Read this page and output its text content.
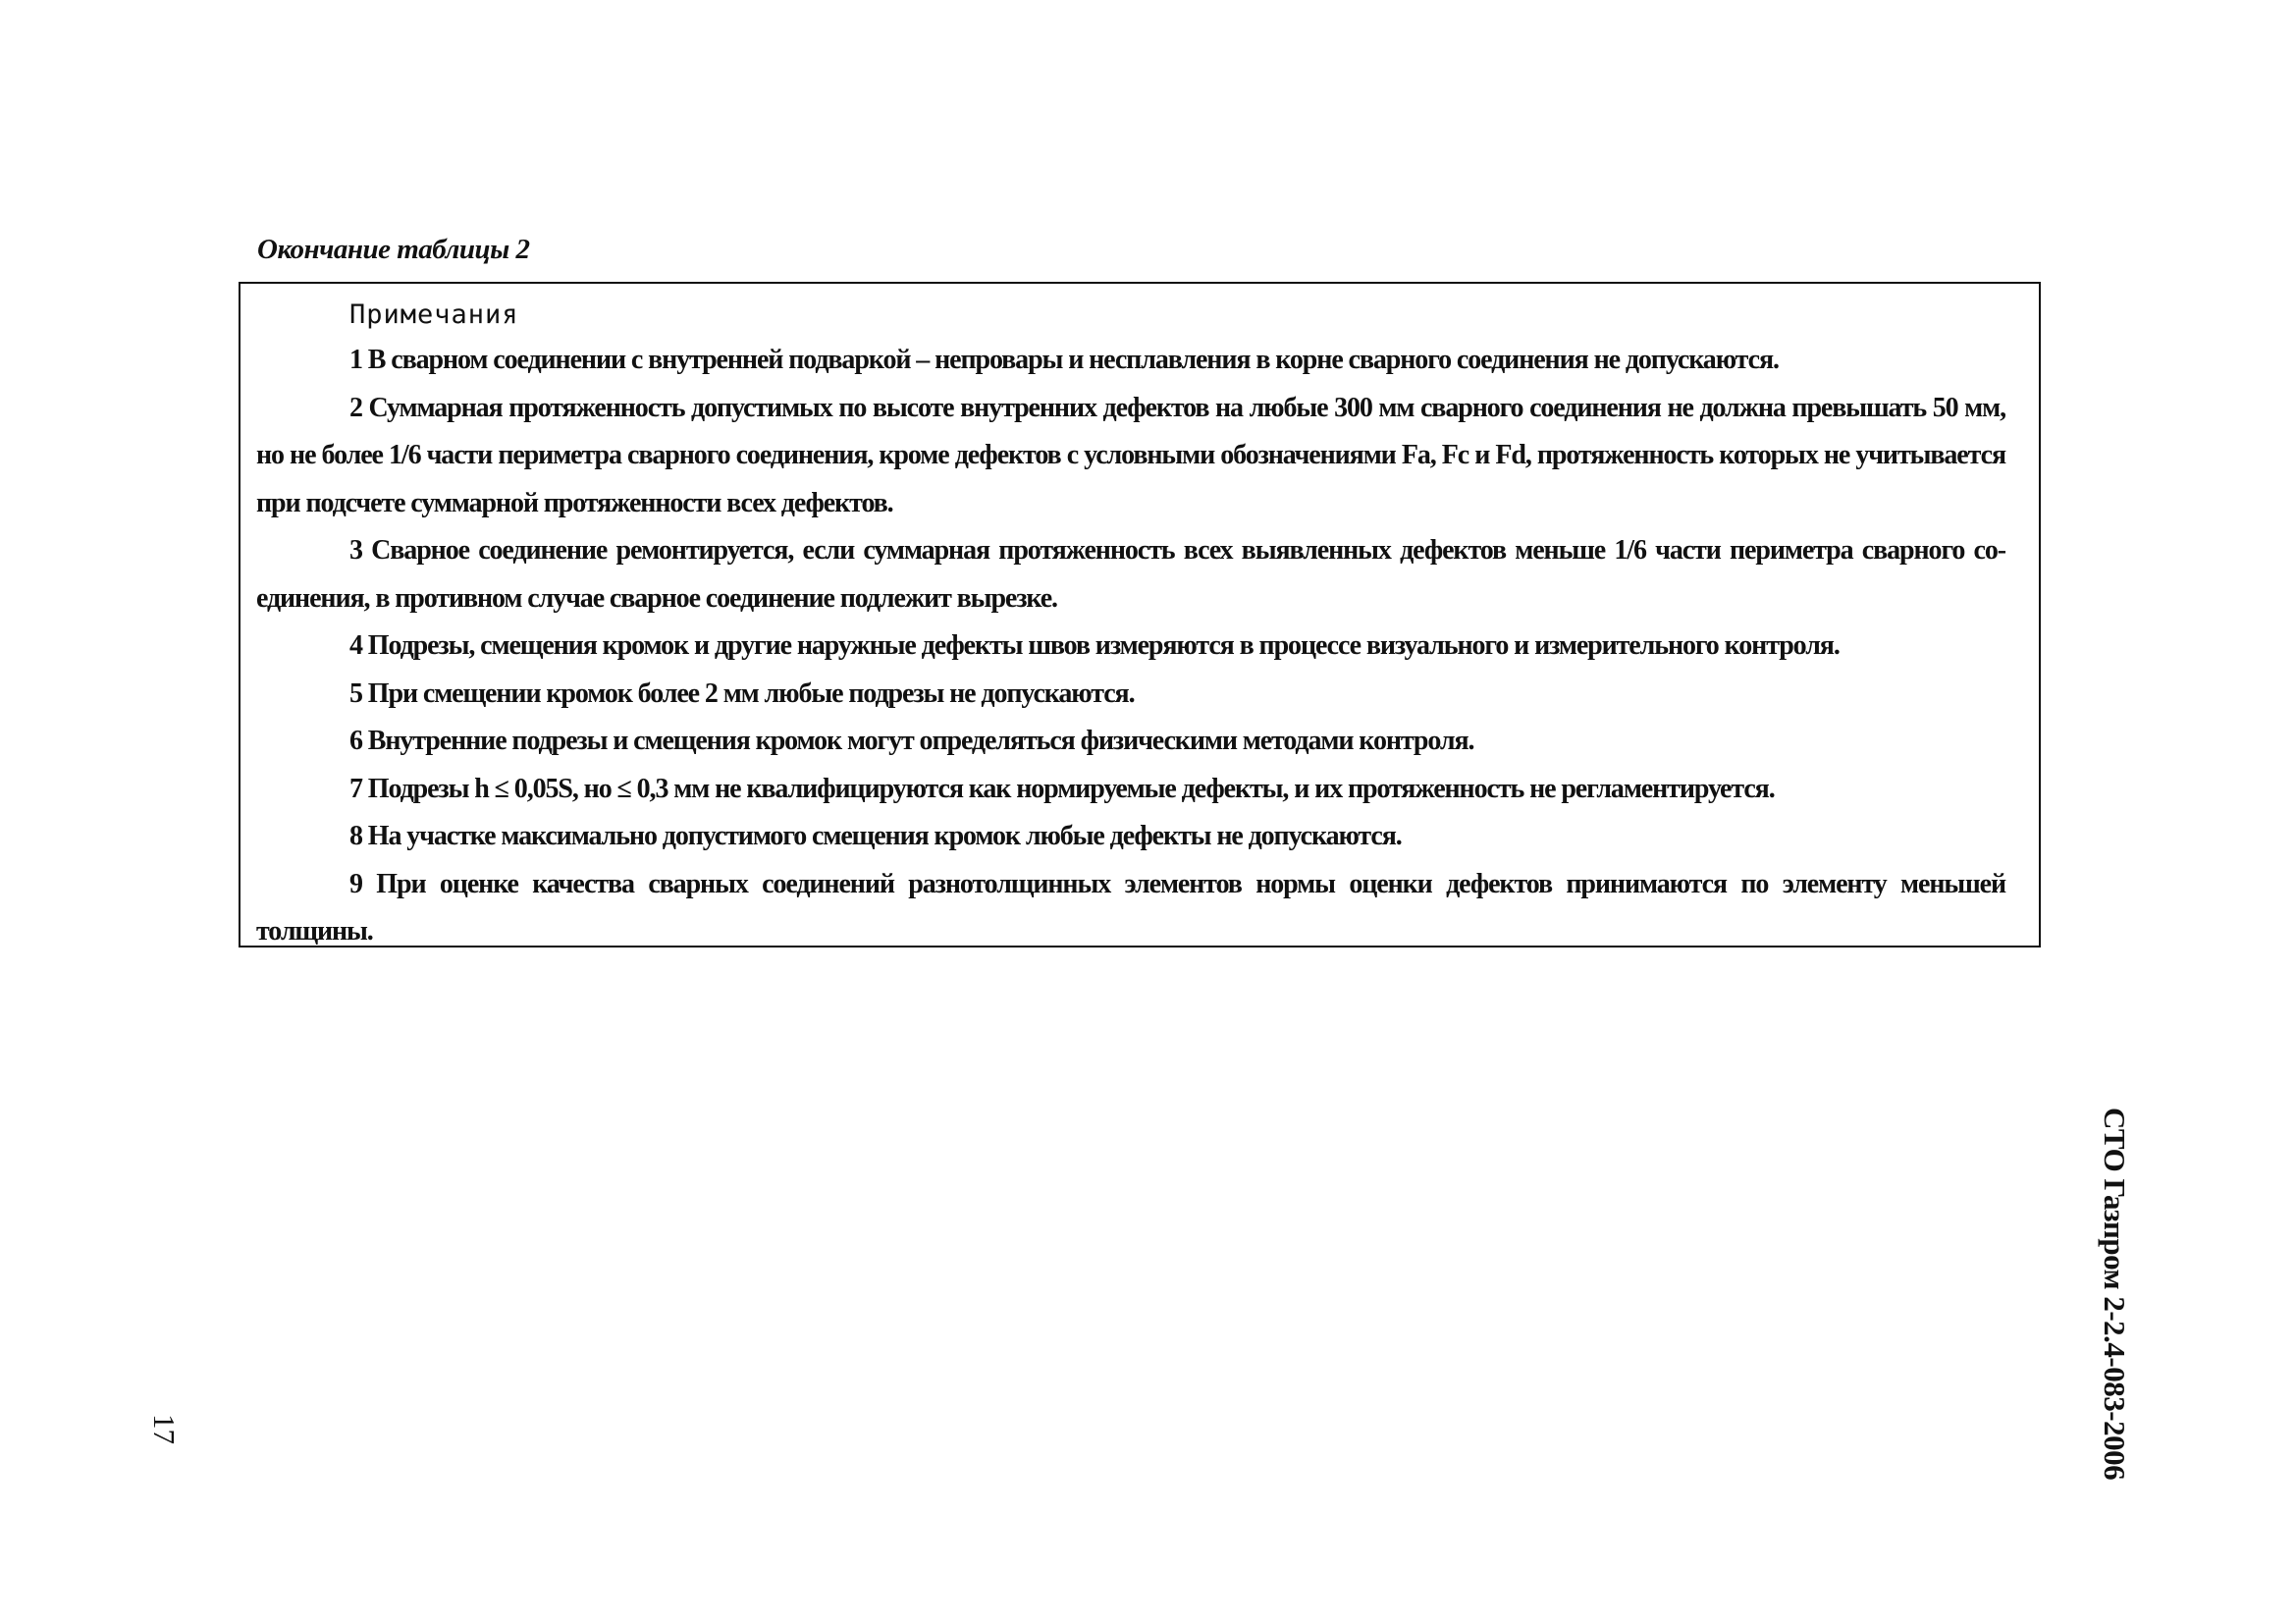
Окончание таблицы 2
Примечания

1 В сварном соединении с внутренней подваркой – непровары и несплавления в корне сварного соединения не допускаются.

2 Суммарная протяженность допустимых по высоте внутренних дефектов на любые 300 мм сварного соединения не должна превышать 50 мм, но не более 1/6 части периметра сварного соединения, кроме дефектов с условными обозначениями Fa, Fc и Fd, протяженность которых не учитывается при подсчете суммарной протяженности всех дефектов.

3 Сварное соединение ремонтируется, если суммарная протяженность всех выявленных дефектов меньше 1/6 части периметра сварного со-единения, в противном случае сварное соединение подлежит вырезке.

4 Подрезы, смещения кромок и другие наружные дефекты швов измеряются в процессе визуального и измерительного контроля.

5 При смещении кромок более 2 мм любые подрезы не допускаются.

6 Внутренние подрезы и смещения кромок могут определяться физическими методами контроля.

7 Подрезы h ≤ 0,05S, но ≤ 0,3 мм не квалифицируются как нормируемые дефекты, и их протяженность не регламентируется.

8 На участке максимально допустимого смещения кромок любые дефекты не допускаются.

9 При оценке качества сварных соединений разнотолщинных элементов нормы оценки дефектов принимаются по элементу меньшей толщины.

СТО Газпром 2-2.4-083-2006
17
